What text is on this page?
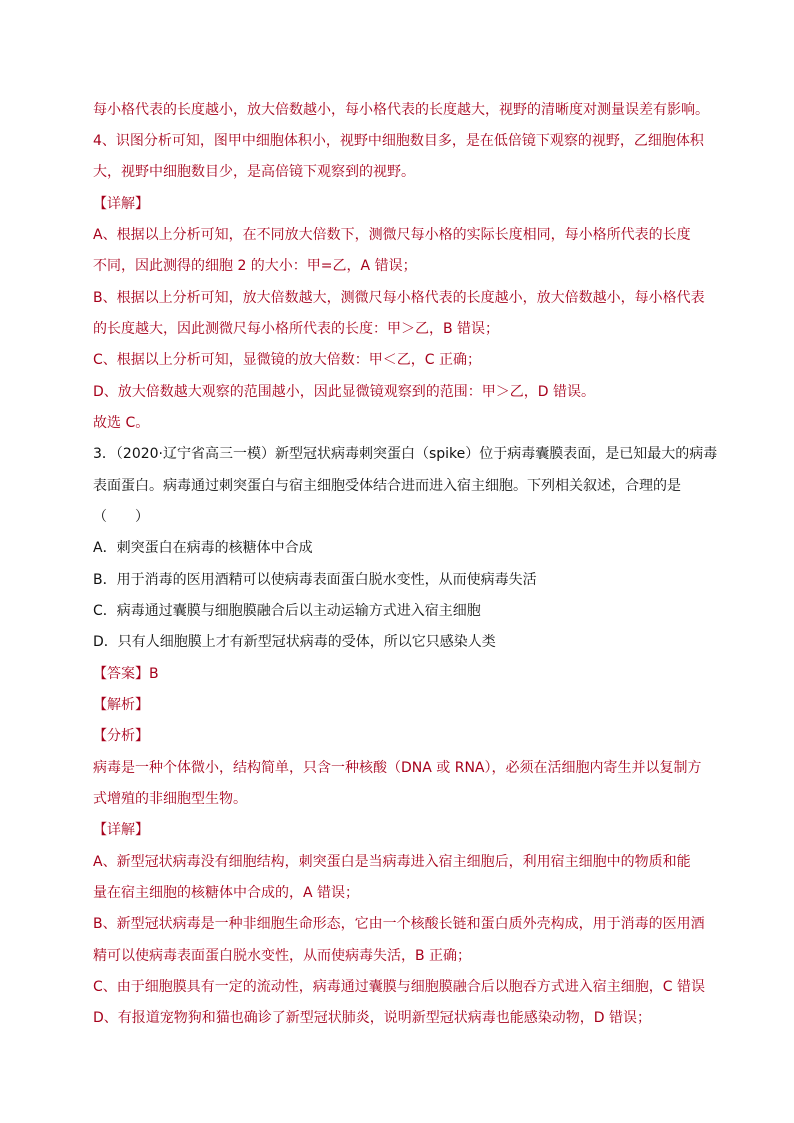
每小格代表的长度越小，放大倍数越小，每小格代表的长度越大，视野的清晰度对测量误差有影响。
4、识图分析可知，图甲中细胞体积小，视野中细胞数目多，是在低倍镜下观察的视野，乙细胞体积
大，视野中细胞数目少，是高倍镜下观察到的视野。
【详解】
A、根据以上分析可知，在不同放大倍数下，测微尺每小格的实际长度相同，每小格所代表的长度
不同，因此测得的细胞 2 的大小：甲=乙，A 错误；
B、根据以上分析可知，放大倍数越大，测微尺每小格代表的长度越小，放大倍数越小，每小格代表
的长度越大，因此测微尺每小格所代表的长度：甲＞乙，B 错误；
C、根据以上分析可知，显微镜的放大倍数：甲＜乙，C 正确；
D、放大倍数越大观察的范围越小，因此显微镜观察到的范围：甲＞乙，D 错误。
故选 C。
3．（2020·辽宁省高三一模）新型冠状病毒刺突蛋白（spike）位于病毒囊膜表面，是已知最大的病毒
表面蛋白。病毒通过刺突蛋白与宿主细胞受体结合进而进入宿主细胞。下列相关叙述，合理的是
（　　）
A．刺突蛋白在病毒的核糖体中合成
B．用于消毒的医用酒精可以使病毒表面蛋白脱水变性，从而使病毒失活
C．病毒通过囊膜与细胞膜融合后以主动运输方式进入宿主细胞
D．只有人细胞膜上才有新型冠状病毒的受体，所以它只感染人类
【答案】B
【解析】
【分析】
病毒是一种个体微小，结构简单，只含一种核酸（DNA 或 RNA），必须在活细胞内寄生并以复制方
式增殖的非细胞型生物。
【详解】
A、新型冠状病毒没有细胞结构，刺突蛋白是当病毒进入宿主细胞后，利用宿主细胞中的物质和能
量在宿主细胞的核糖体中合成的，A 错误；
B、新型冠状病毒是一种非细胞生命形态，它由一个核酸长链和蛋白质外壳构成，用于消毒的医用酒
精可以使病毒表面蛋白脱水变性，从而使病毒失活，B 正确；
C、由于细胞膜具有一定的流动性，病毒通过囊膜与细胞膜融合后以胞吞方式进入宿主细胞，C 错误
D、有报道宠物狗和猫也确诊了新型冠状肺炎，说明新型冠状病毒也能感染动物，D 错误；
